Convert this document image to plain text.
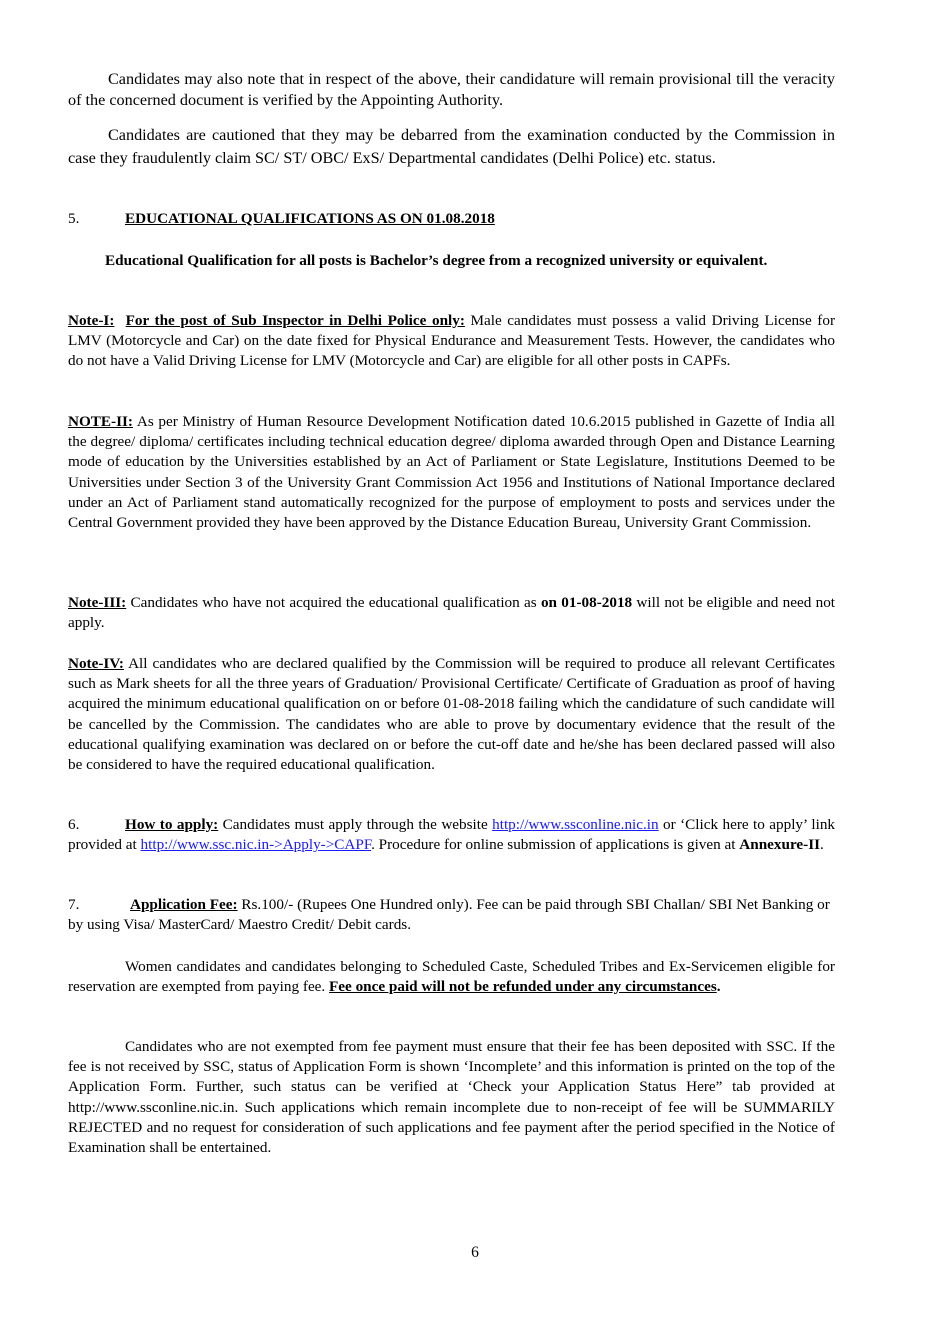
Candidates may also note that in respect of the above, their candidature will remain provisional till the veracity of the concerned document is verified by the Appointing Authority.

Candidates are cautioned that they may be debarred from the examination conducted by the Commission in case they fraudulently claim SC/ ST/ OBC/ ExS/ Departmental candidates (Delhi Police) etc. status.

5.	EDUCATIONAL QUALIFICATIONS AS ON 01.08.2018

Educational Qualification for all posts is Bachelor’s degree from a recognized university or equivalent.

Note-I: For the post of Sub Inspector in Delhi Police only: Male candidates must possess a valid Driving License for LMV (Motorcycle and Car) on the date fixed for Physical Endurance and Measurement Tests. However, the candidates who do not have a Valid Driving License for LMV (Motorcycle and Car) are eligible for all other posts in CAPFs.

NOTE-II: As per Ministry of Human Resource Development Notification dated 10.6.2015 published in Gazette of India all the degree/ diploma/ certificates including technical education degree/ diploma awarded through Open and Distance Learning mode of education by the Universities established by an Act of Parliament or State Legislature, Institutions Deemed to be Universities under Section 3 of the University Grant Commission Act 1956 and Institutions of National Importance declared under an Act of Parliament stand automatically recognized for the purpose of employment to posts and services under the Central Government provided they have been approved by the Distance Education Bureau, University Grant Commission.

Note-III: Candidates who have not acquired the educational qualification as on 01-08-2018 will not be eligible and need not apply.

Note-IV: All candidates who are declared qualified by the Commission will be required to produce all relevant Certificates such as Mark sheets for all the three years of Graduation/ Provisional Certificate/ Certificate of Graduation as proof of having acquired the minimum educational qualification on or before 01-08-2018 failing which the candidature of such candidate will be cancelled by the Commission. The candidates who are able to prove by documentary evidence that the result of the educational qualifying examination was declared on or before the cut-off date and he/she has been declared passed will also be considered to have the required educational qualification.

6.	How to apply: Candidates must apply through the website http://www.ssconline.nic.in or ‘Click here to apply’ link provided at http://www.ssc.nic.in->Apply->CAPF. Procedure for online submission of applications is given at Annexure-II.

7.	Application Fee: Rs.100/- (Rupees One Hundred only). Fee can be paid through SBI Challan/ SBI Net Banking or by using Visa/ MasterCard/ Maestro Credit/ Debit cards.

Women candidates and candidates belonging to Scheduled Caste, Scheduled Tribes and Ex-Servicemen eligible for reservation are exempted from paying fee. Fee once paid will not be refunded under any circumstances.

Candidates who are not exempted from fee payment must ensure that their fee has been deposited with SSC. If the fee is not received by SSC, status of Application Form is shown ‘Incomplete’ and this information is printed on the top of the Application Form. Further, such status can be verified at ‘Check your Application Status Here” tab provided at http://www.ssconline.nic.in. Such applications which remain incomplete due to non-receipt of fee will be SUMMARILY REJECTED and no request for consideration of such applications and fee payment after the period specified in the Notice of Examination shall be entertained.

6
